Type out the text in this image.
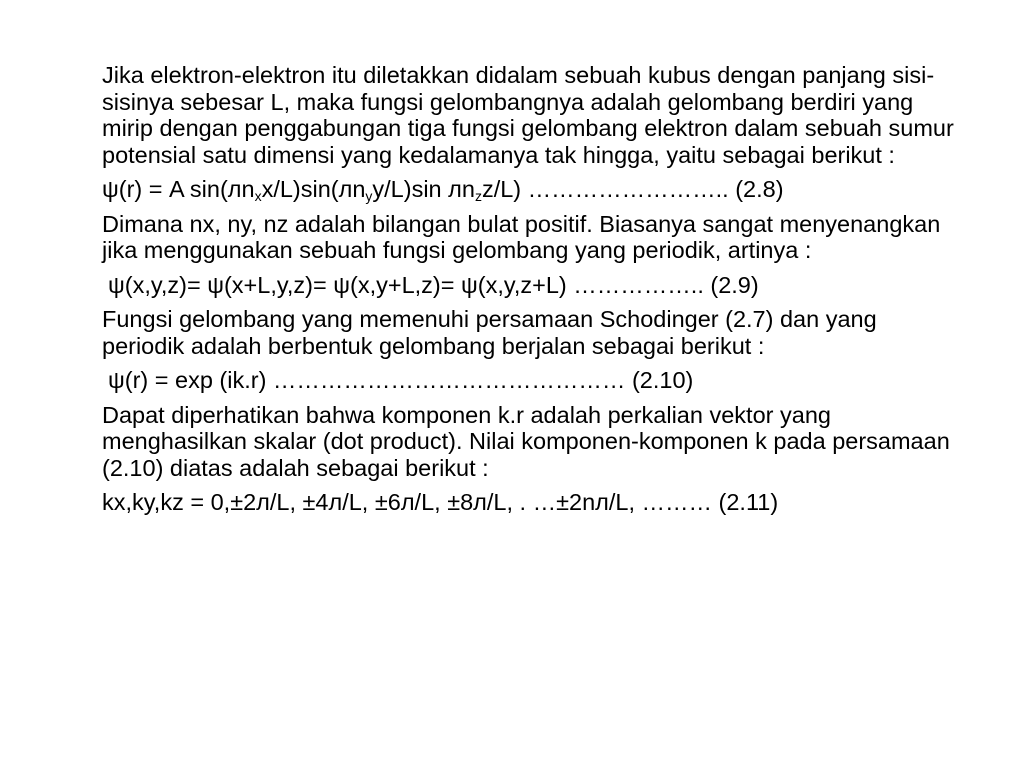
Jika elektron-elektron itu diletakkan didalam sebuah kubus dengan panjang sisi-sisinya sebesar L, maka fungsi gelombangnya adalah gelombang berdiri yang mirip dengan penggabungan tiga fungsi gelombang elektron dalam sebuah sumur potensial satu dimensi yang kedalamanya tak hingga, yaitu sebagai berikut :

ψ(r) = A $\sin(лn_xx/L)\sin(лn_yy/L)\sin$ $лn_zz/L$) …………………….. (2.8)

Dimana nx, ny, nz adalah bilangan bulat positif. Biasanya sangat menyenangkan jika menggunakan sebuah fungsi gelombang yang periodik, artinya :

ψ(x,y,z)= ψ(x+L,y,z)= ψ(x,y+L,z)= ψ(x,y,z+L) …………….. (2.9)

Fungsi gelombang yang memenuhi persamaan Schodinger (2.7) dan yang periodik adalah berbentuk gelombang berjalan sebagai berikut :

ψ(r) = exp (ik.r) ……………………………………… (2.10)

Dapat diperhatikan bahwa komponen k.r adalah perkalian vektor yang menghasilkan skalar (dot product). Nilai komponen-komponen k pada persamaan (2.10) diatas adalah sebagai berikut :

kx,ky,kz = 0,±2л/L, ±4л/L, ±6л/L, ±8л/L, . …±2nл/L, ……… (2.11)
